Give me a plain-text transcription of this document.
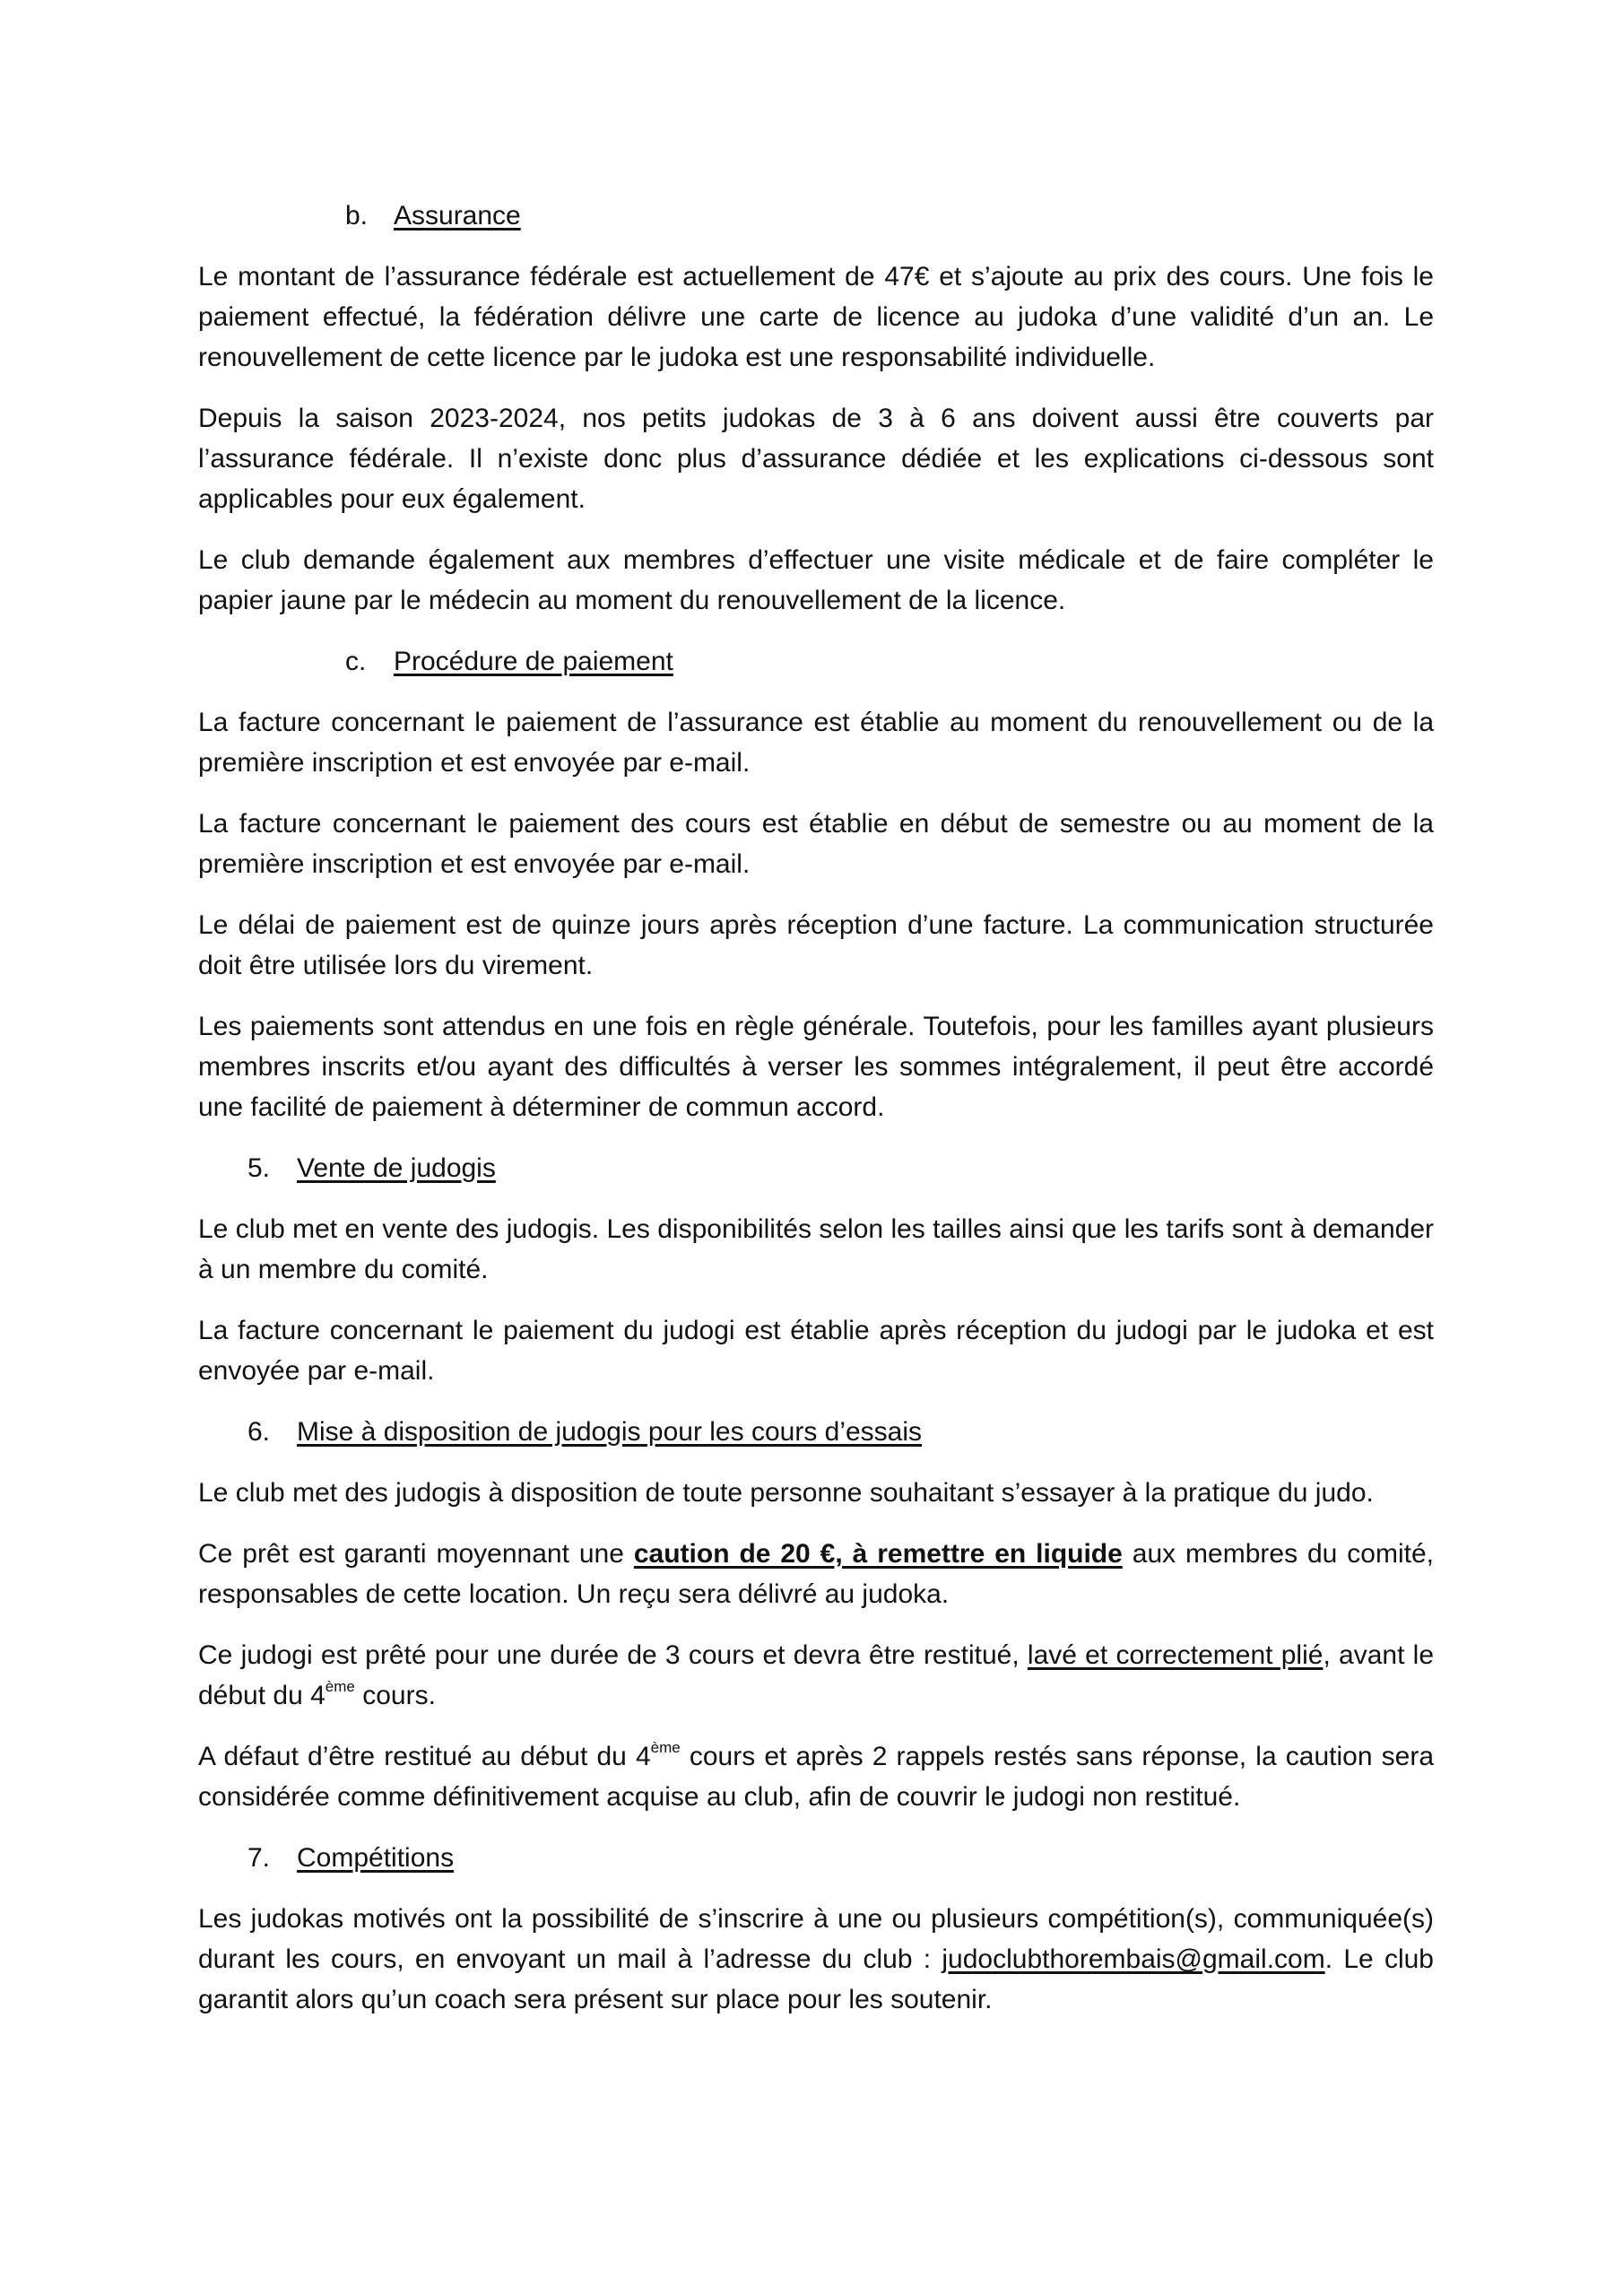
b. Assurance

Le montant de l’assurance fédérale est actuellement de 47€ et s’ajoute au prix des cours. Une fois le paiement effectué, la fédération délivre une carte de licence au judoka d’une validité d’un an. Le renouvellement de cette licence par le judoka est une responsabilité individuelle.

Depuis la saison 2023-2024, nos petits judokas de 3 à 6 ans doivent aussi être couverts par l’assurance fédérale. Il n’existe donc plus d’assurance dédiée et les explications ci-dessous sont applicables pour eux également.

Le club demande également aux membres d’effectuer une visite médicale et de faire compléter le papier jaune par le médecin au moment du renouvellement de la licence.

c. Procédure de paiement

La facture concernant le paiement de l’assurance est établie au moment du renouvellement ou de la première inscription et est envoyée par e-mail.

La facture concernant le paiement des cours est établie en début de semestre ou au moment de la première inscription et est envoyée par e-mail.

Le délai de paiement est de quinze jours après réception d’une facture. La communication structurée doit être utilisée lors du virement.

Les paiements sont attendus en une fois en règle générale. Toutefois, pour les familles ayant plusieurs membres inscrits et/ou ayant des difficultés à verser les sommes intégralement, il peut être accordé une facilité de paiement à déterminer de commun accord.

5. Vente de judogis

Le club met en vente des judogis. Les disponibilités selon les tailles ainsi que les tarifs sont à demander à un membre du comité.

La facture concernant le paiement du judogi est établie après réception du judogi par le judoka et est envoyée par e-mail.

6. Mise à disposition de judogis pour les cours d’essais

Le club met des judogis à disposition de toute personne souhaitant s’essayer à la pratique du judo.

Ce prêt est garanti moyennant une caution de 20 €, à remettre en liquide aux membres du comité, responsables de cette location. Un reçu sera délivré au judoka.

Ce judogi est prêté pour une durée de 3 cours et devra être restitué, lavé et correctement plié, avant le début du 4ème cours.

A défaut d’être restitué au début du 4ème cours et après 2 rappels restés sans réponse, la caution sera considérée comme définitivement acquise au club, afin de couvrir le judogi non restitué.

7. Compétitions

Les judokas motivés ont la possibilité de s’inscrire à une ou plusieurs compétition(s), communiquée(s) durant les cours, en envoyant un mail à l’adresse du club : judoclubthorembais@gmail.com. Le club garantit alors qu’un coach sera présent sur place pour les soutenir.
